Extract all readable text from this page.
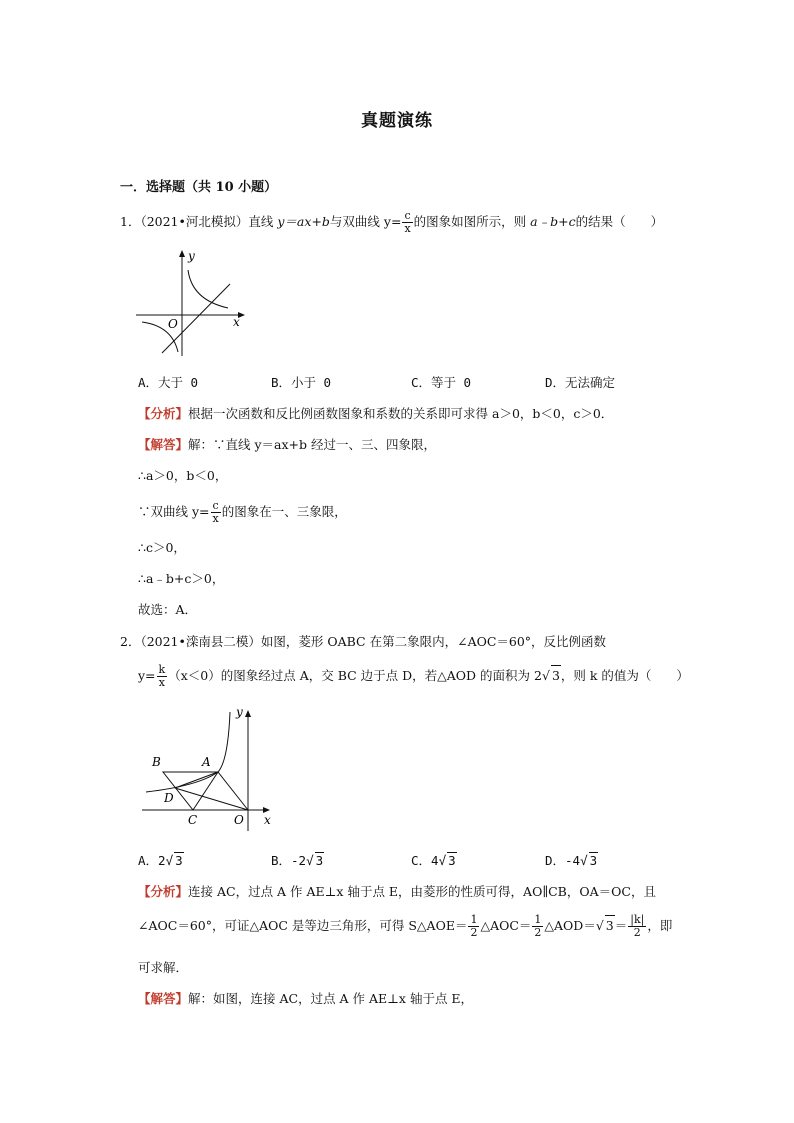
真题演练
一．选择题（共 10 小题）
1．（2021•河北模拟）直线 y＝ax+b与双曲线 $y= \frac{c}{x}$ 的图象如图所示，则 a﹣b+c的结果（　　）
y
x
O
A．大于 0	B．小于 0	C．等于 0	D．无法确定
【分析】根据一次函数和反比例函数图象和系数的关系即可求得 a＞0，b＜0，c＞0．
【解答】解：∵直线 y＝ax+b 经过一、三、四象限，
∴a＞0，b＜0，
∵双曲线 $y= \frac{c}{x}$ 的图象在一、三象限，
∴c＞0，
∴a﹣b+c＞0，
故选：A．
2．（2021•滦南县二模）如图，菱形 OABC 在第二象限内，∠AOC＝60°，反比例函数
$y= \frac{k}{x} (x<0)$的图象经过点 A，交 BC 边于点 D，若△AOD 的面积为 2√ 3，则 k 的值为（　　）
y
x
O
A
B
C
D
A．2√ 3	B．-2√ 3	C．4√ 3	D．-4√ 3
【分析】连接 AC，过点 A 作 AE⊥x 轴于点 E，由菱形的性质可得，AO∥CB，OA＝OC，且
∠AOC＝60°，可证△AOC 是等边三角形，可得 S△AOE＝ $\frac{1}{2}$ △AOC＝ $\frac{1}{2}$ △AOD＝√ $3= \frac{|k|}{2}$ ，即
可求解．
【解答】解：如图，连接 AC，过点 A 作 AE⊥x 轴于点 E，
